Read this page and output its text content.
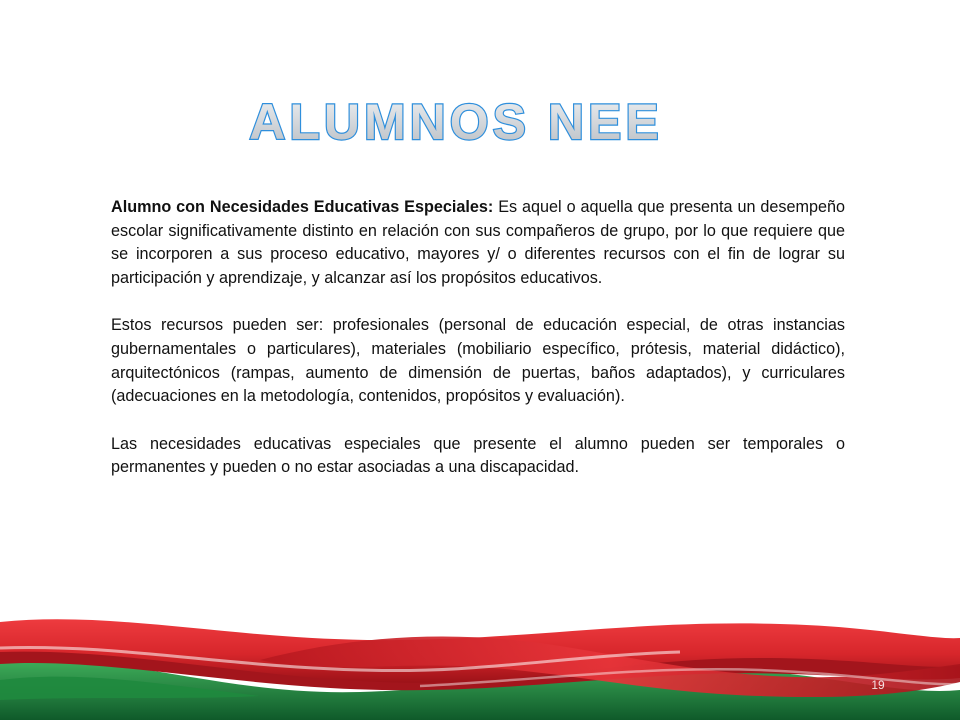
ALUMNOS NEE

Alumno con Necesidades Educativas Especiales: Es aquel o aquella que presenta un desempeño escolar significativamente distinto en relación con sus compañeros de grupo, por lo que requiere que se incorporen a sus proceso educativo, mayores y/ o diferentes recursos con el fin de lograr su participación y aprendizaje, y alcanzar así los propósitos educativos.

Estos recursos pueden ser: profesionales (personal de educación especial, de otras instancias gubernamentales o particulares), materiales (mobiliario específico, prótesis, material didáctico), arquitectónicos (rampas, aumento de dimensión de puertas, baños adaptados), y curriculares (adecuaciones en la metodología, contenidos, propósitos y evaluación).

Las necesidades educativas especiales que presente el alumno pueden ser temporales o permanentes y pueden o no estar asociadas a una discapacidad.

19
